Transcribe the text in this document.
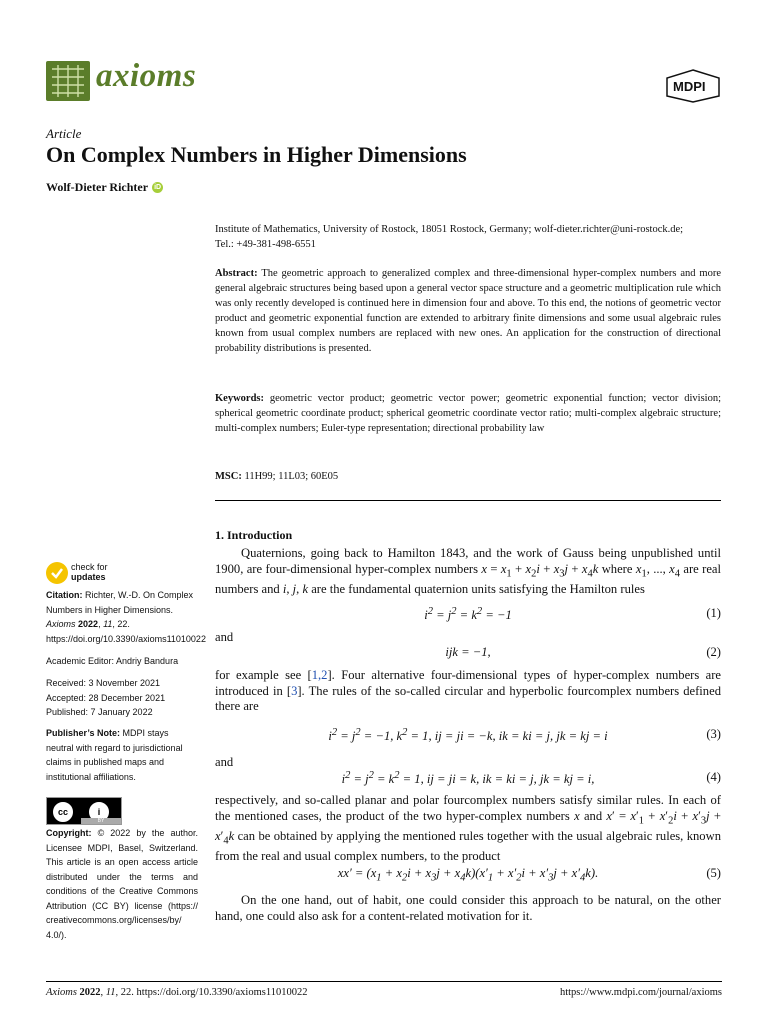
axioms	MDPI
Article
On Complex Numbers in Higher Dimensions
Wolf-Dieter Richter iD
Institute of Mathematics, University of Rostock, 18051 Rostock, Germany; wolf-dieter.richter@uni-rostock.de;
Tel.: +49-381-498-6551
Abstract: The geometric approach to generalized complex and three-dimensional hyper-complex numbers and more general algebraic structures being based upon a general vector space structure and a geometric multiplication rule which was only recently developed is continued here in dimension four and above. To this end, the notions of geometric vector product and geometric exponential function are extended to arbitrary finite dimensions and some usual algebraic rules known from usual complex numbers are replaced with new ones. An application for the construction of directional probability distributions is presented.
Keywords: geometric vector product; geometric vector power; geometric exponential function; vector division; spherical geometric coordinate product; spherical geometric coordinate vector ratio; multi-complex algebraic structure; multi-complex numbers; Euler-type representation; directional probability law
MSC: 11H99; 11L03; 60E05
1. Introduction
Quaternions, going back to Hamilton 1843, and the work of Gauss being unpublished until 1900, are four-dimensional hyper-complex numbers $x = x_1 + x_2i + x_3j + x_4k$ where $x_1$, ..., $x_4$ are real numbers and i, j, k are the fundamental quaternion units satisfying the Hamilton rules
$i^2 = j^2 = k^2 = -1$	(1)
and
ijk = −1,	(2)
for example see [1,2]. Four alternative four-dimensional types of hyper-complex numbers are introduced in [3]. The rules of the so-called circular and hyperbolic fourcomplex numbers defined there are
$i^2 = j^2 = -1$, $k^2 = 1$, ij = ji = −k, ik = ki = j, jk = kj = i	(3)
and
$i^2 = j^2 = k^2 = 1$, ij = ji = k, ik = ki = j, jk = kj = i,	(4)
respectively, and so-called planar and polar fourcomplex numbers satisfy similar rules. In each of the mentioned cases, the product of the two hyper-complex numbers x and $x' = x'_1 + x'_2i + x'_3j + x'_4k$ can be obtained by applying the mentioned rules together with the usual algebraic rules, known from the real and usual complex numbers, to the product
$xx' = (x_1 + x_2i + x_3j + x_4k)(x'_1 + x'_2i + x'_3j + x'_4k)$.	(5)
On the one hand, out of habit, one could consider this approach to be natural, on the other hand, one could also ask for a content-related motivation for it.
check for
updates
Citation: Richter, W.-D. On Complex Numbers in Higher Dimensions. Axioms 2022, 11, 22. https://doi.org/10.3390/axioms11010022
Academic Editor: Andriy Bandura
Received: 3 November 2021
Accepted: 28 December 2021
Published: 7 January 2022
Publisher’s Note: MDPI stays neutral with regard to jurisdictional claims in published maps and institutional affiliations.
cc	i
BY
Copyright: © 2022 by the author. Licensee MDPI, Basel, Switzerland. This article is an open access article distributed under the terms and conditions of the Creative Commons Attribution (CC BY) license (https:// creativecommons.org/licenses/by/ 4.0/).
Axioms 2022, 11, 22. https://doi.org/10.3390/axioms11010022	https://www.mdpi.com/journal/axioms
